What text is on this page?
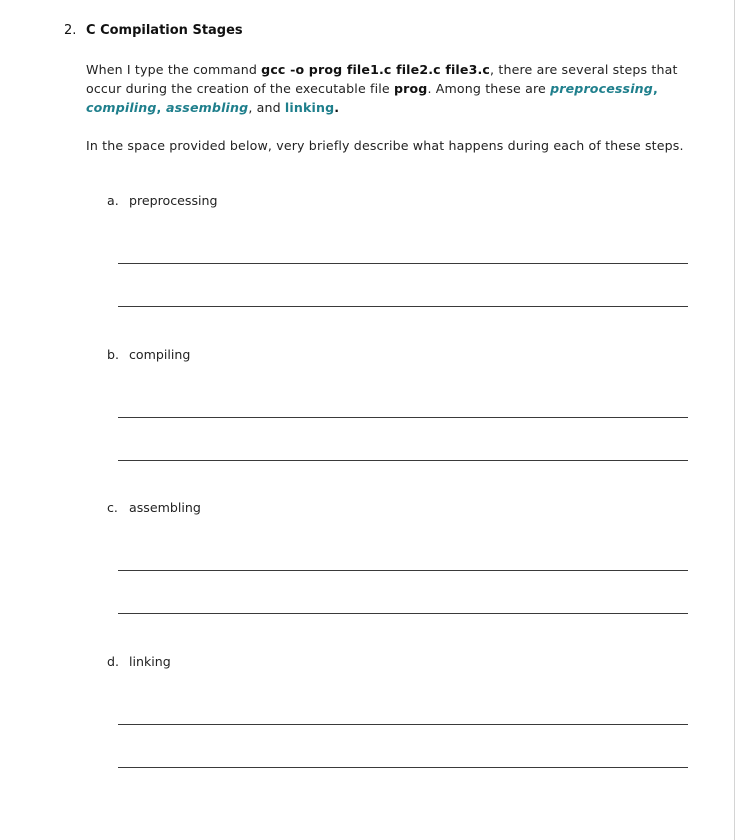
2. C Compilation Stages
When I type the command gcc -o prog file1.c file2.c file3.c, there are several steps that occur during the creation of the executable file prog. Among these are preprocessing, compiling, assembling, and linking.
In the space provided below, very briefly describe what happens during each of these steps.
a. preprocessing
b. compiling
c. assembling
d. linking
